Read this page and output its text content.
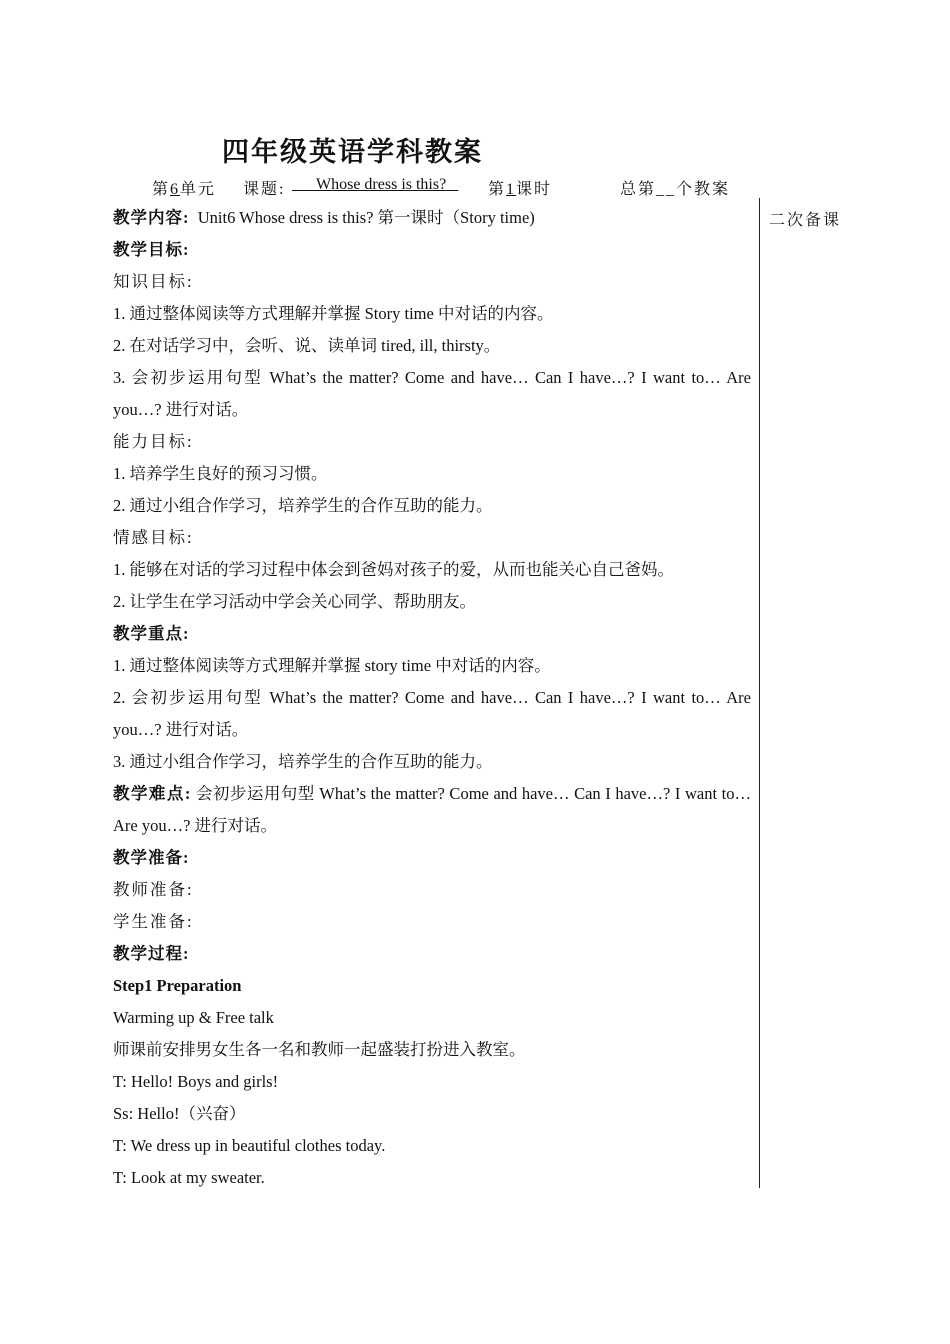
四年级英语学科教案
第6单元 课题:	Whose dress is this?	第1课时	总第__个教案
二次备课
教学内容: Unit6 Whose dress is this? 第一课时（Story time)
教学目标:
知识目标:
1. 通过整体阅读等方式理解并掌握 Story time 中对话的内容。
2. 在对话学习中，会听、说、读单词 tired, ill, thirsty。
3. 会初步运用句型 What’s the matter? Come and have… Can I have…? I want to… Are
you…? 进行对话。
能力目标:
1. 培养学生良好的预习习惯。
2. 通过小组合作学习，培养学生的合作互助的能力。
情感目标:
1. 能够在对话的学习过程中体会到爸妈对孩子的爱，从而也能关心自己爸妈。
2. 让学生在学习活动中学会关心同学、帮助朋友。
教学重点:
1. 通过整体阅读等方式理解并掌握 story time 中对话的内容。
2. 会初步运用句型 What’s the matter? Come and have… Can I have…? I want to… Are
you…? 进行对话。
3. 通过小组合作学习，培养学生的合作互助的能力。
教学难点: 会初步运用句型 What’s the matter? Come and have… Can I have…? I want to…
Are you…? 进行对话。
教学准备:
教师准备:
学生准备:
教学过程:
Step1 Preparation
Warming up & Free talk
师课前安排男女生各一名和教师一起盛装打扮进入教室。
T: Hello! Boys and girls!
Ss: Hello!（兴奋）
T: We dress up in beautiful clothes today.
T: Look at my sweater.
